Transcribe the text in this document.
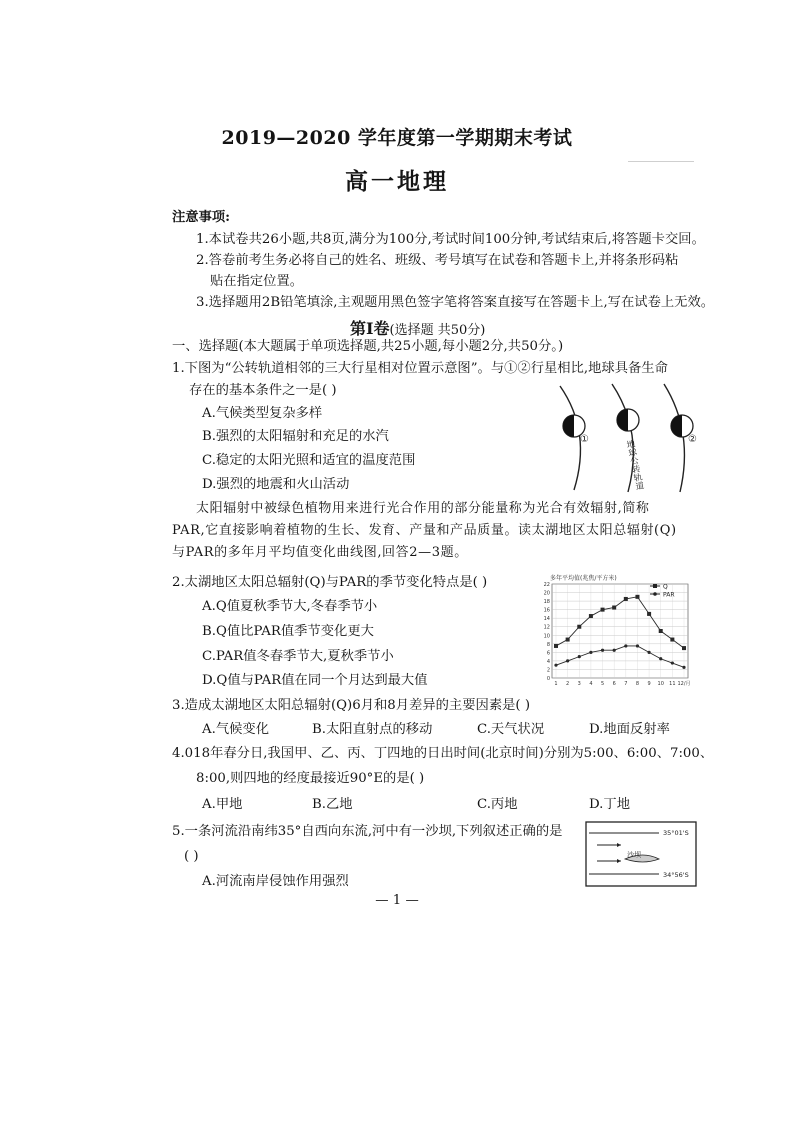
2019—2020 学年度第一学期期末考试
高一地理
注意事项:
1.本试卷共26小题,共8页,满分为100分,考试时间100分钟,考试结束后,将答题卡交回。
2.答卷前考生务必将自己的姓名、班级、考号填写在试卷和答题卡上,并将条形码粘
贴在指定位置。
3.选择题用2B铅笔填涂,主观题用黑色签字笔将答案直接写在答题卡上,写在试卷上无效。
第Ⅰ卷(选择题 共50分)
一、选择题(本大题属于单项选择题,共25小题,每小题2分,共50分。)
1.下图为“公转轨道相邻的三大行星相对位置示意图”。与①②行星相比,地球具备生命
存在的基本条件之一是( )
A.气候类型复杂多样
B.强烈的太阳辐射和充足的水汽
C.稳定的太阳光照和适宜的温度范围
D.强烈的地震和火山活动
①	②
地球公转轨道
太阳辐射中被绿色植物用来进行光合作用的部分能量称为光合有效辐射,简称
PAR,它直接影响着植物的生长、发育、产量和产品质量。读太湖地区太阳总辐射(Q)
与PAR的多年月平均值变化曲线图,回答2—3题。
2.太湖地区太阳总辐射(Q)与PAR的季节变化特点是( )
A.Q值夏秋季节大,冬春季节小
B.Q值比PAR值季节变化更大
C.PAR值冬春季节大,夏秋季节小
D.Q值与PAR值在同一个月达到最大值
多年平均值(兆焦/平方米)
0
2
4
6
8
10
12
14
16
18
20
22
1 2 3 4 5 6 7 8 9 10 11 12/月
Q
PAR
3.造成太湖地区太阳总辐射(Q)6月和8月差异的主要因素是( )
A.气候变化	B.太阳直射点的移动	C.天气状况	D.地面反射率
4.018年春分日,我国甲、乙、丙、丁四地的日出时间(北京时间)分别为5:00、6:00、7:00、
8:00,则四地的经度最接近90°E的是( )
A.甲地	B.乙地	C.丙地	D.丁地
5.一条河流沿南纬35°自西向东流,河中有一沙坝,下列叙述正确的是
( )
A.河流南岸侵蚀作用强烈
沙坝
35°01'S
34°56'S
— 1 —
